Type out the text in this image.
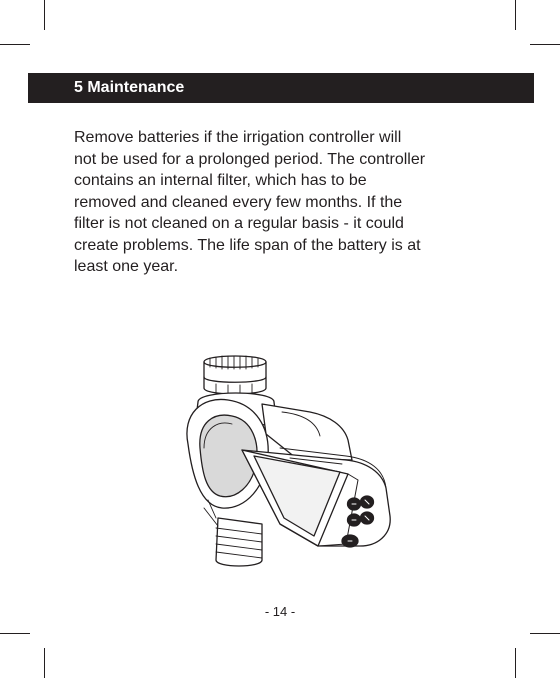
5 Maintenance

Remove batteries if the irrigation controller will
not be used for a prolonged period. The controller
contains an internal filter, which has to be
removed and cleaned every few months. If the
filter is not cleaned on a regular basis - it could
create problems. The life span of the battery is at
least one year.

- 14 -
